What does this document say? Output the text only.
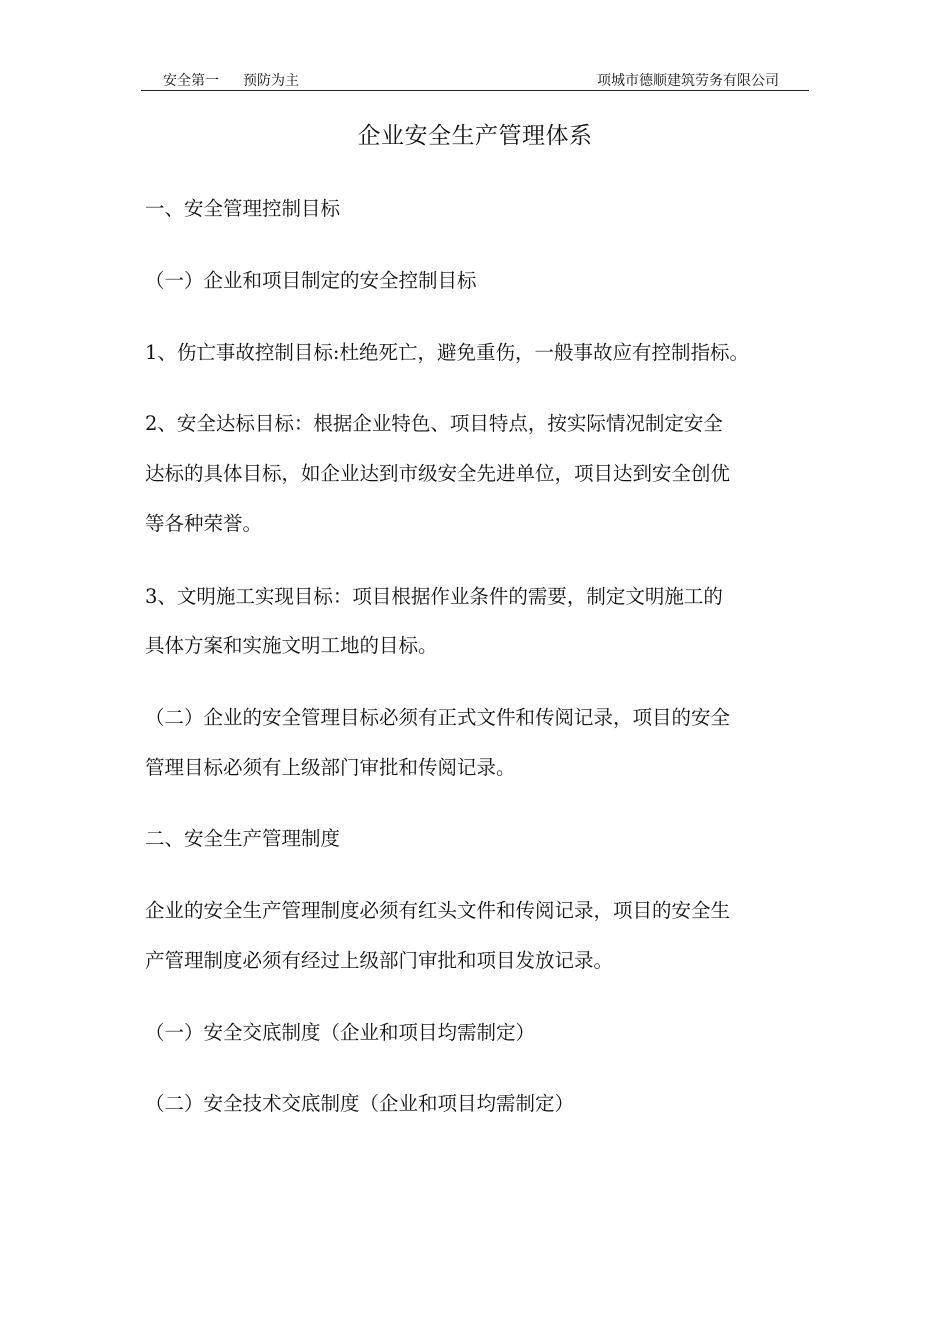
安全第一 预防为主	项城市德顺建筑劳务有限公司
企业安全生产管理体系

一、安全管理控制目标

（一）企业和项目制定的安全控制目标

1、伤亡事故控制目标:杜绝死亡，避免重伤，一般事故应有控制指标。

2、安全达标目标：根据企业特色、项目特点，按实际情况制定安全

达标的具体目标，如企业达到市级安全先进单位，项目达到安全创优

等各种荣誉。

3、文明施工实现目标：项目根据作业条件的需要，制定文明施工的

具体方案和实施文明工地的目标。

（二）企业的安全管理目标必须有正式文件和传阅记录，项目的安全

管理目标必须有上级部门审批和传阅记录。

二、安全生产管理制度

企业的安全生产管理制度必须有红头文件和传阅记录，项目的安全生

产管理制度必须有经过上级部门审批和项目发放记录。

（一）安全交底制度（企业和项目均需制定）

（二）安全技术交底制度（企业和项目均需制定）
